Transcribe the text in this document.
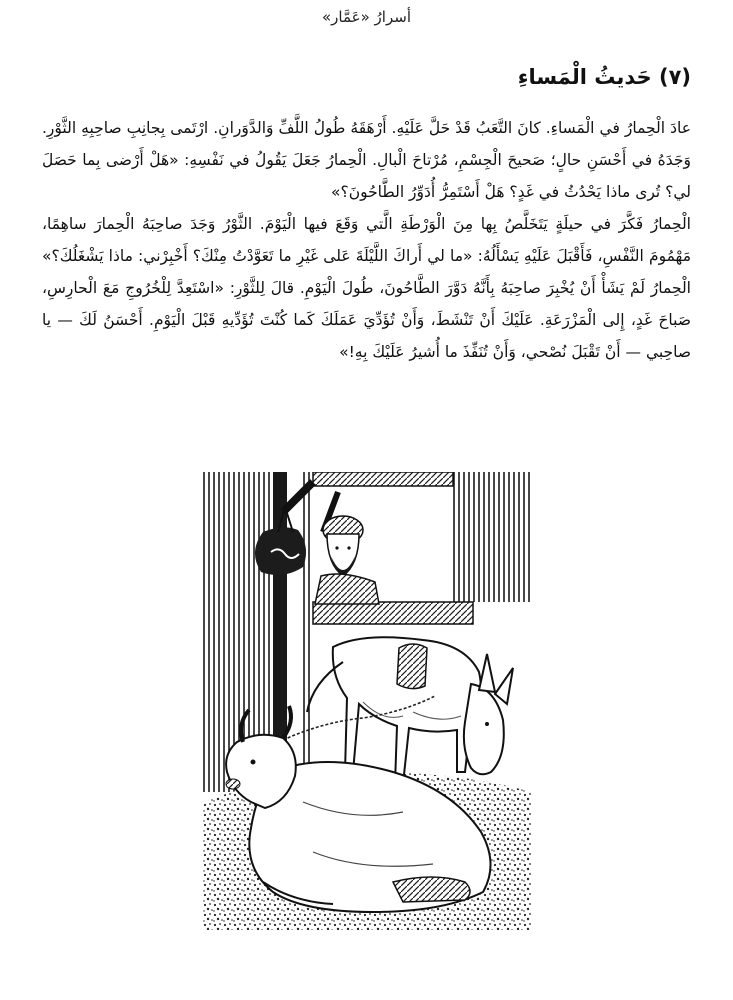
أسرارُ «عَمَّار»
(٧) حَديثُ الْمَساءِ

عادَ الْحِمارُ في الْمَساءِ. كانَ التَّعَبُ قَدْ حَلَّ عَلَيْهِ. أَرْهَقَهُ طُولُ اللَّفِّ وَالدَّوَرانِ. ارْتَمى بِجانِبِ صاحِبِهِ الثَّوْرِ. وَجَدَهُ في أَحْسَنِ حالٍ؛ صَحيحَ الْجِسْمِ، مُرْتاحَ الْبالِ. الْحِمارُ جَعَلَ يَقُولُ في نَفْسِهِ: «هَلْ أَرْضى بِما حَصَلَ لي؟ تُرى ماذا يَحْدُثُ في غَدٍ؟ هَلْ أَسْتَمِرُّ أُدَوِّرُ الطَّاحُونَ؟»

الْحِمارُ فَكَّرَ في حيلَةٍ يَتَخَلَّصُ بِها مِنَ الْوَرْطَةِ الَّتي وَقَعَ فيها الْيَوْمَ. الثَّوْرُ وَجَدَ صاحِبَهُ الْحِمارَ ساهِمًا، مَهْمُومَ النَّفْسِ، فَأَقْبَلَ عَلَيْهِ يَسْأَلُهُ: «ما لي أَراكَ اللَّيْلَةَ عَلى غَيْرِ ما تَعَوَّدْتُ مِنْكَ؟ أَخْبِرْني: ماذا يَشْغَلُكَ؟» الْحِمارُ لَمْ يَشَأْ أَنْ يُخْبِرَ صاحِبَهُ بِأَنَّهُ دَوَّرَ الطَّاحُونَ، طُولَ الْيَوْمِ. قالَ لِلثَّوْرِ: «اسْتَعِدَّ لِلْخُرُوجِ مَعَ الْحارِسِ، صَباحَ غَدٍ، إِلى الْمَزْرَعَةِ. عَلَيْكَ أَنْ تَنْشَطَ، وَأَنْ تُؤَدِّيَ عَمَلَكَ كَما كُنْتَ تُؤَدِّيهِ قَبْلَ الْيَوْمِ. أَحْسَنُ لَكَ — يا صاحِبي — أَنْ تَقْبَلَ نُصْحي، وَأَنْ تُنَفِّذَ ما أُشيرُ عَلَيْكَ بِهِ!»
